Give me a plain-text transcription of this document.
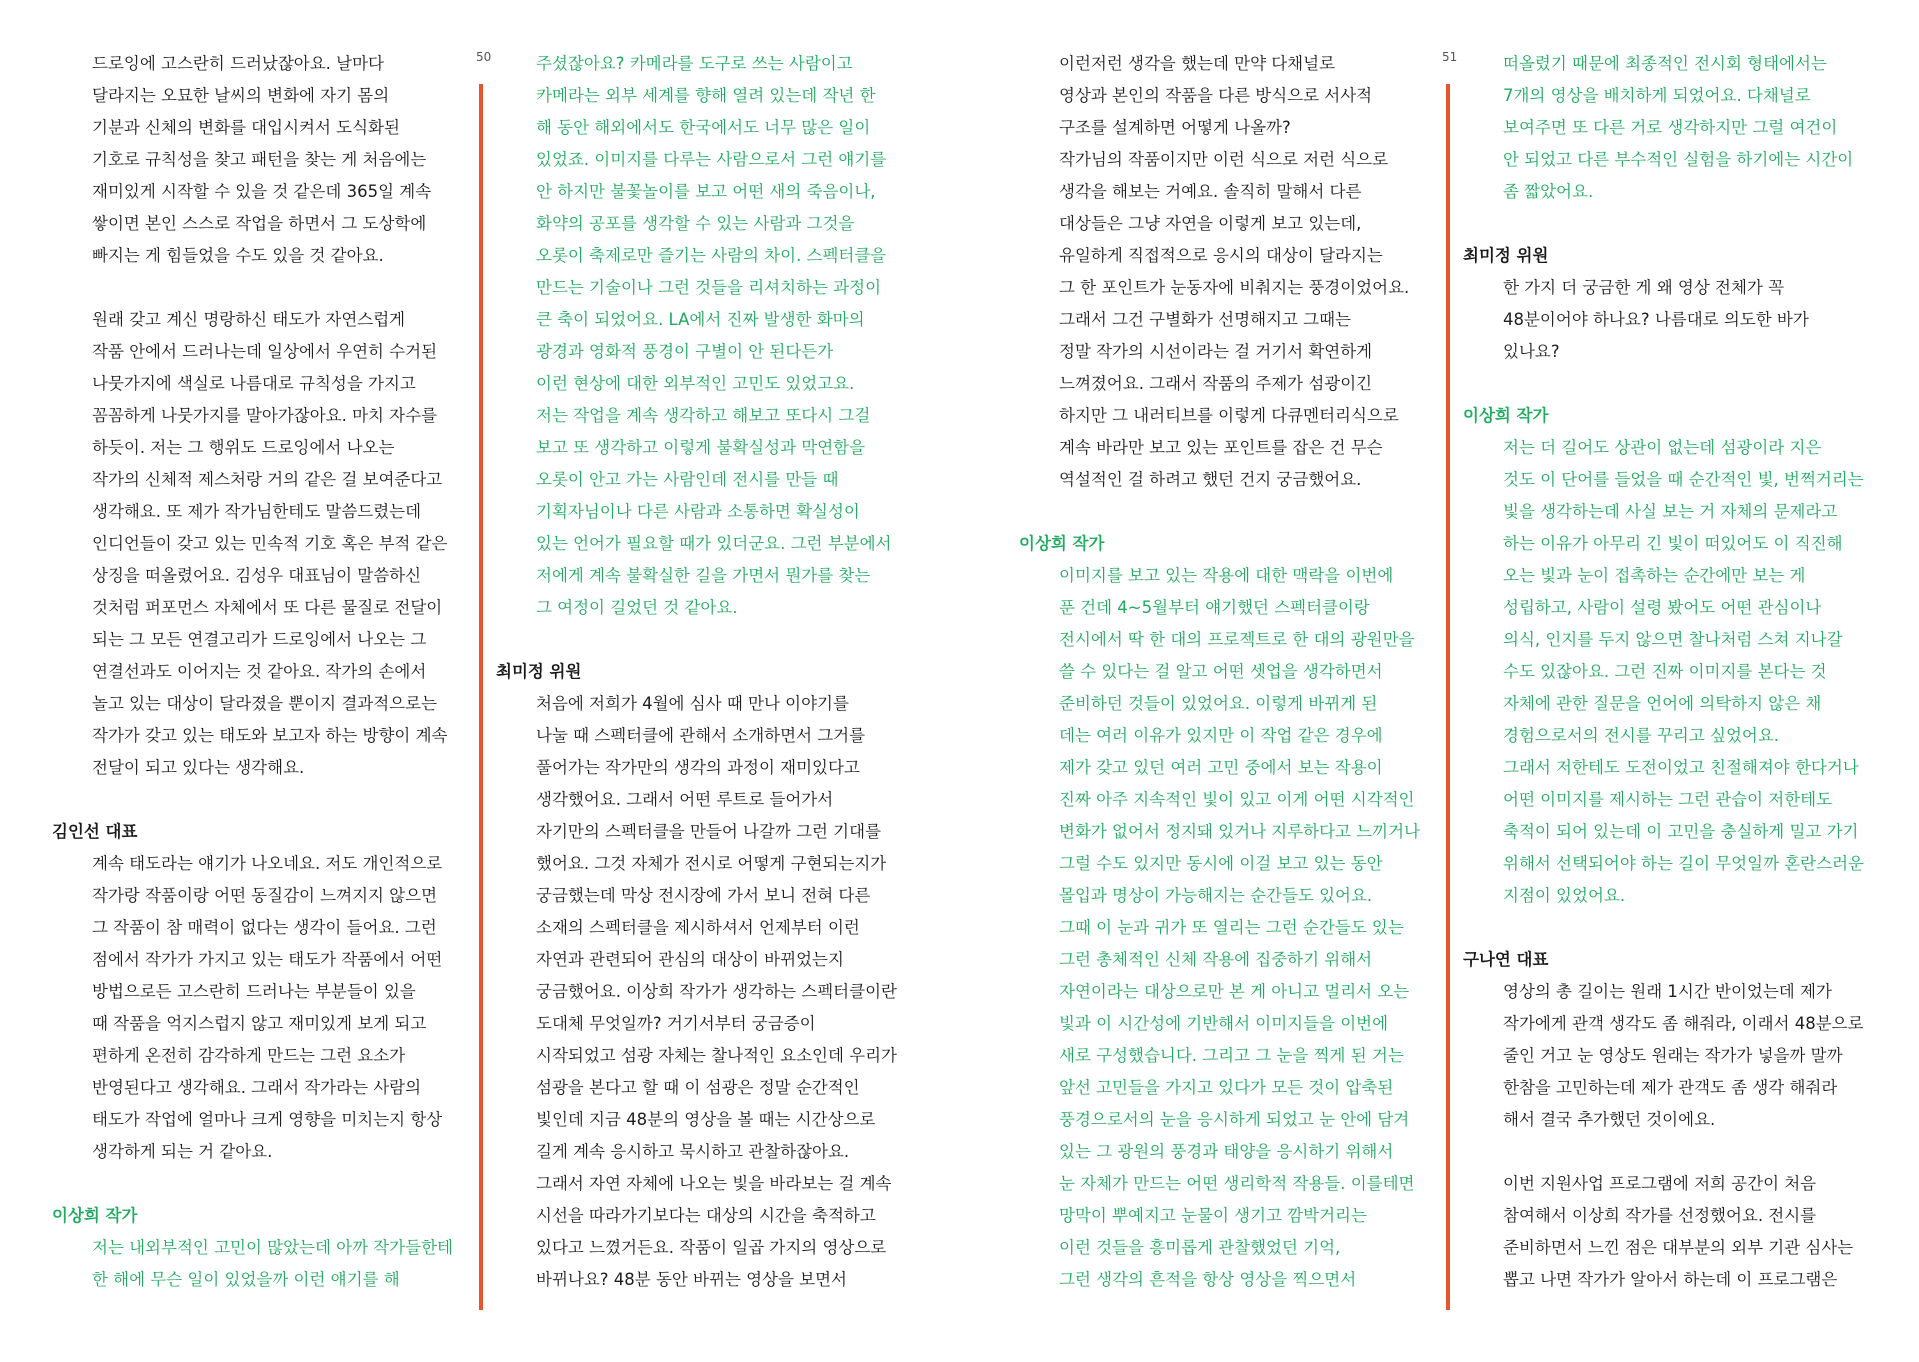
50
드로잉에 고스란히 드러났잖아요. 날마다
달라지는 오묘한 날씨의 변화에 자기 몸의
기분과 신체의 변화를 대입시켜서 도식화된
기호로 규칙성을 찾고 패턴을 찾는 게 처음에는
재미있게 시작할 수 있을 것 같은데 365일 계속
쌓이면 본인 스스로 작업을 하면서 그 도상학에
빠지는 게 힘들었을 수도 있을 것 같아요.
원래 갖고 계신 명랑하신 태도가 자연스럽게
작품 안에서 드러나는데 일상에서 우연히 수거된
나뭇가지에 색실로 나름대로 규칙성을 가지고
꼼꼼하게 나뭇가지를 말아가잖아요. 마치 자수를
하듯이. 저는 그 행위도 드로잉에서 나오는
작가의 신체적 제스처랑 거의 같은 걸 보여준다고
생각해요. 또 제가 작가님한테도 말씀드렸는데
인디언들이 갖고 있는 민속적 기호 혹은 부적 같은
상징을 떠올렸어요. 김성우 대표님이 말씀하신
것처럼 퍼포먼스 자체에서 또 다른 물질로 전달이
되는 그 모든 연결고리가 드로잉에서 나오는 그
연결선과도 이어지는 것 같아요. 작가의 손에서
놀고 있는 대상이 달라졌을 뿐이지 결과적으로는
작가가 갖고 있는 태도와 보고자 하는 방향이 계속
전달이 되고 있다는 생각해요.
김인선 대표
계속 태도라는 얘기가 나오네요. 저도 개인적으로
작가랑 작품이랑 어떤 동질감이 느껴지지 않으면
그 작품이 참 매력이 없다는 생각이 들어요. 그런
점에서 작가가 가지고 있는 태도가 작품에서 어떤
방법으로든 고스란히 드러나는 부분들이 있을
때 작품을 억지스럽지 않고 재미있게 보게 되고
편하게 온전히 감각하게 만드는 그런 요소가
반영된다고 생각해요. 그래서 작가라는 사람의
태도가 작업에 얼마나 크게 영향을 미치는지 항상
생각하게 되는 거 같아요.
이상희 작가
저는 내외부적인 고민이 많았는데 아까 작가들한테
한 해에 무슨 일이 있었을까 이런 얘기를 해
주셨잖아요? 카메라를 도구로 쓰는 사람이고
카메라는 외부 세계를 향해 열려 있는데 작년 한
해 동안 해외에서도 한국에서도 너무 많은 일이
있었죠. 이미지를 다루는 사람으로서 그런 얘기를
안 하지만 불꽃놀이를 보고 어떤 새의 죽음이나,
화약의 공포를 생각할 수 있는 사람과 그것을
오롯이 축제로만 즐기는 사람의 차이. 스펙터클을
만드는 기술이나 그런 것들을 리셔치하는 과정이
큰 축이 되었어요. LA에서 진짜 발생한 화마의
광경과 영화적 풍경이 구별이 안 된다든가
이런 현상에 대한 외부적인 고민도 있었고요.
저는 작업을 계속 생각하고 해보고 또다시 그걸
보고 또 생각하고 이렇게 불확실성과 막연함을
오롯이 안고 가는 사람인데 전시를 만들 때
기획자님이나 다른 사람과 소통하면 확실성이
있는 언어가 필요할 때가 있더군요. 그런 부분에서
저에게 계속 불확실한 길을 가면서 뭔가를 찾는
그 여정이 길었던 것 같아요.
최미정 위원
처음에 저희가 4월에 심사 때 만나 이야기를
나눌 때 스펙터클에 관해서 소개하면서 그거를
풀어가는 작가만의 생각의 과정이 재미있다고
생각했어요. 그래서 어떤 루트로 들어가서
자기만의 스펙터클을 만들어 나갈까 그런 기대를
했어요. 그것 자체가 전시로 어떻게 구현되는지가
궁금했는데 막상 전시장에 가서 보니 전혀 다른
소재의 스펙터클을 제시하셔서 언제부터 이런
자연과 관련되어 관심의 대상이 바뀌었는지
궁금했어요. 이상희 작가가 생각하는 스펙터클이란
도대체 무엇일까? 거기서부터 궁금증이
시작되었고 섬광 자체는 찰나적인 요소인데 우리가
섬광을 본다고 할 때 이 섬광은 정말 순간적인
빛인데 지금 48분의 영상을 볼 때는 시간상으로
길게 계속 응시하고 묵시하고 관찰하잖아요.
그래서 자연 자체에 나오는 빛을 바라보는 걸 계속
시선을 따라가기보다는 대상의 시간을 축적하고
있다고 느꼈거든요. 작품이 일곱 가지의 영상으로
바뀌나요? 48분 동안 바뀌는 영상을 보면서
51
이런저런 생각을 했는데 만약 다채널로
영상과 본인의 작품을 다른 방식으로 서사적
구조를 설계하면 어떻게 나올까?
작가님의 작품이지만 이런 식으로 저런 식으로
생각을 해보는 거예요. 솔직히 말해서 다른
대상들은 그냥 자연을 이렇게 보고 있는데,
유일하게 직접적으로 응시의 대상이 달라지는
그 한 포인트가 눈동자에 비춰지는 풍경이었어요.
그래서 그건 구별화가 선명해지고 그때는
정말 작가의 시선이라는 걸 거기서 확연하게
느껴졌어요. 그래서 작품의 주제가 섬광이긴
하지만 그 내러티브를 이렇게 다큐멘터리식으로
계속 바라만 보고 있는 포인트를 잡은 건 무슨
역설적인 걸 하려고 했던 건지 궁금했어요.
이상희 작가
이미지를 보고 있는 작용에 대한 맥락을 이번에
푼 건데 4~5월부터 얘기했던 스펙터클이랑
전시에서 딱 한 대의 프로젝트로 한 대의 광원만을
쓸 수 있다는 걸 알고 어떤 셋업을 생각하면서
준비하던 것들이 있었어요. 이렇게 바뀌게 된
데는 여러 이유가 있지만 이 작업 같은 경우에
제가 갖고 있던 여러 고민 중에서 보는 작용이
진짜 아주 지속적인 빛이 있고 이게 어떤 시각적인
변화가 없어서 정지돼 있거나 지루하다고 느끼거나
그럴 수도 있지만 동시에 이걸 보고 있는 동안
몰입과 명상이 가능해지는 순간들도 있어요.
그때 이 눈과 귀가 또 열리는 그런 순간들도 있는
그런 총체적인 신체 작용에 집중하기 위해서
자연이라는 대상으로만 본 게 아니고 멀리서 오는
빛과 이 시간성에 기반해서 이미지들을 이번에
새로 구성했습니다. 그리고 그 눈을 찍게 된 거는
앞선 고민들을 가지고 있다가 모든 것이 압축된
풍경으로서의 눈을 응시하게 되었고 눈 안에 담겨
있는 그 광원의 풍경과 태양을 응시하기 위해서
눈 자체가 만드는 어떤 생리학적 작용들. 이를테면
망막이 뿌예지고 눈물이 생기고 깜박거리는
이런 것들을 흥미롭게 관찰했었던 기억,
그런 생각의 흔적을 항상 영상을 찍으면서
떠올렸기 때문에 최종적인 전시회 형태에서는
7개의 영상을 배치하게 되었어요. 다채널로
보여주면 또 다른 거로 생각하지만 그럴 여건이
안 되었고 다른 부수적인 실험을 하기에는 시간이
좀 짧았어요.
최미정 위원
한 가지 더 궁금한 게 왜 영상 전체가 꼭
48분이어야 하나요? 나름대로 의도한 바가
있나요?
이상희 작가
저는 더 길어도 상관이 없는데 섬광이라 지은
것도 이 단어를 들었을 때 순간적인 빛, 번쩍거리는
빛을 생각하는데 사실 보는 거 자체의 문제라고
하는 이유가 아무리 긴 빛이 떠있어도 이 직진해
오는 빛과 눈이 접촉하는 순간에만 보는 게
성립하고, 사람이 설령 봤어도 어떤 관심이나
의식, 인지를 두지 않으면 찰나처럼 스쳐 지나갈
수도 있잖아요. 그런 진짜 이미지를 본다는 것
자체에 관한 질문을 언어에 의탁하지 않은 채
경험으로서의 전시를 꾸리고 싶었어요.
그래서 저한테도 도전이었고 친절해져야 한다거나
어떤 이미지를 제시하는 그런 관습이 저한테도
축적이 되어 있는데 이 고민을 충실하게 밀고 가기
위해서 선택되어야 하는 길이 무엇일까 혼란스러운
지점이 있었어요.
구나연 대표
영상의 총 길이는 원래 1시간 반이었는데 제가
작가에게 관객 생각도 좀 해줘라, 이래서 48분으로
줄인 거고 눈 영상도 원래는 작가가 넣을까 말까
한참을 고민하는데 제가 관객도 좀 생각 해줘라
해서 결국 추가했던 것이에요.
이번 지원사업 프로그램에 저희 공간이 처음
참여해서 이상희 작가를 선정했어요. 전시를
준비하면서 느낀 점은 대부분의 외부 기관 심사는
뽑고 나면 작가가 알아서 하는데 이 프로그램은
